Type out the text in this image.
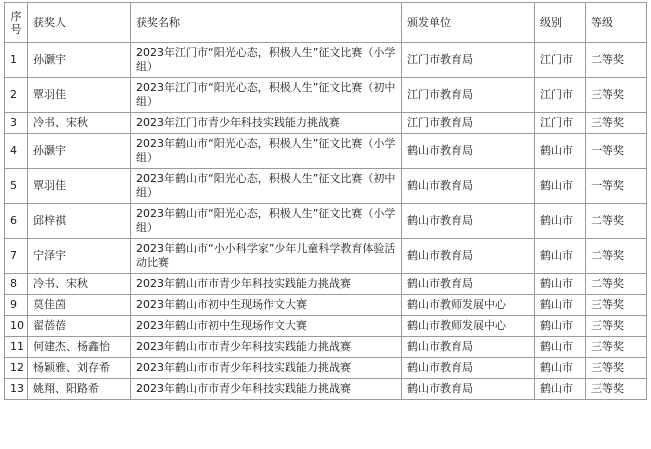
序号	获奖人	获奖名称	颁发单位	级别	等级
1	孙灏宇	2023年江门市“阳光心态，积极人生”征文比赛（小学组）	江门市教育局	江门市	二等奖
2	覃羽佳	2023年江门市“阳光心态，积极人生”征文比赛（初中组）	江门市教育局	江门市	三等奖
3	冷书、宋秋	2023年江门市青少年科技实践能力挑战赛	江门市教育局	江门市	三等奖
4	孙灏宇	2023年鹤山市“阳光心态，积极人生”征文比赛（小学组）	鹤山市教育局	鹤山市	一等奖
5	覃羽佳	2023年鹤山市“阳光心态，积极人生”征文比赛（初中组）	鹤山市教育局	鹤山市	一等奖
6	邱梓祺	2023年鹤山市“阳光心态，积极人生”征文比赛（小学组）	鹤山市教育局	鹤山市	二等奖
7	宁泽宇	2023年鹤山市“小小科学家”少年儿童科学教育体验活动比赛	鹤山市教育局	鹤山市	二等奖
8	冷书、宋秋	2023年鹤山市市青少年科技实践能力挑战赛	鹤山市教育局	鹤山市	二等奖
9	莫佳茵	2023年鹤山市初中生现场作文大赛	鹤山市教师发展中心	鹤山市	三等奖
10	翟蓓蓓	2023年鹤山市初中生现场作文大赛	鹤山市教师发展中心	鹤山市	三等奖
11	何建杰、杨鑫怡	2023年鹤山市市青少年科技实践能力挑战赛	鹤山市教育局	鹤山市	三等奖
12	杨颖雅、刘存希	2023年鹤山市市青少年科技实践能力挑战赛	鹤山市教育局	鹤山市	三等奖
13	姚翔、阳路希	2023年鹤山市市青少年科技实践能力挑战赛	鹤山市教育局	鹤山市	三等奖
